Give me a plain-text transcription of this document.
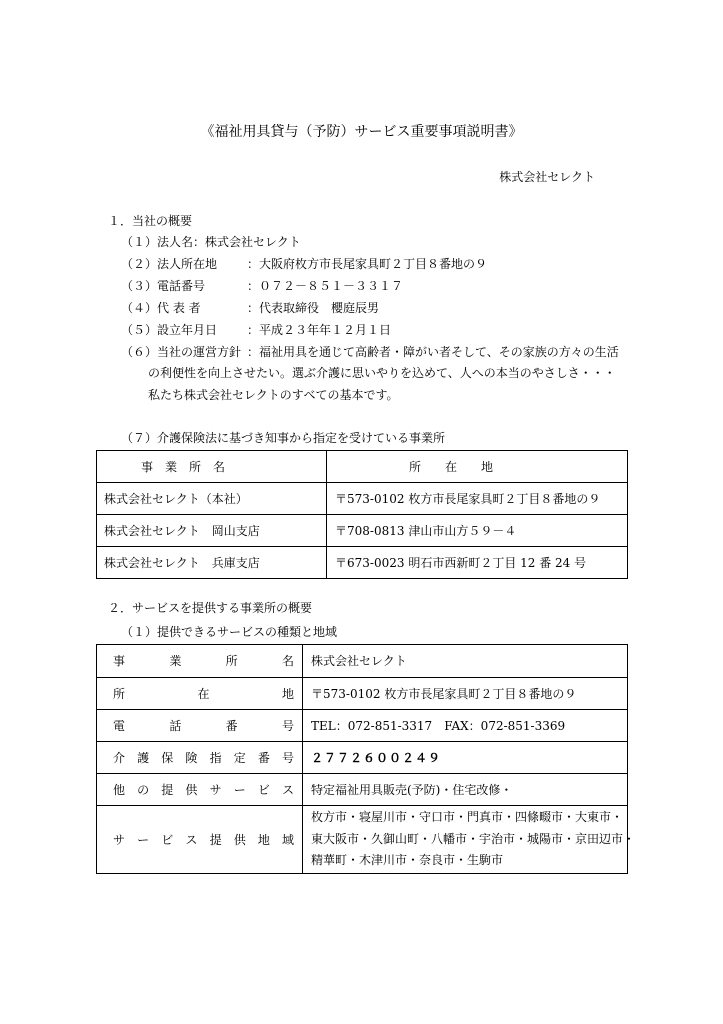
《福祉用具貸与（予防）サービス重要事項説明書》
株式会社セレクト
１．当社の概要
（１）法人名：株式会社セレクト
（２）法人所在地	：大阪府枚方市長尾家具町２丁目８番地の９
（３）電話番号	：０７２－８５１－３３１７
（４）代 表 者	：代表取締役　櫻庭辰男
（５）設立年月日	：平成２３年年１２月１日
（６）当社の運営方針 ：福祉用具を通じて高齢者・障がい者そして、その家族の方々の生活
の利便性を向上させたい。選ぶ介護に思いやりを込めて、人への本当のやさしさ・・・
私たち株式会社セレクトのすべての基本です。
（７）介護保険法に基づき知事から指定を受けている事業所
事　業　所　名	所　　在　　地
株式会社セレクト（本社）	〒573-0102 枚方市長尾家具町２丁目８番地の９
株式会社セレクト　岡山支店	〒708-0813 津山市山方５９－４
株式会社セレクト　兵庫支店	〒673-0023 明石市西新町２丁目 12 番 24 号
２．サービスを提供する事業所の概要
（１）提供できるサービスの種類と地域
事業所名	株式会社セレクト
所在地	〒573-0102 枚方市長尾家具町２丁目８番地の９
電話番号	TEL：072-851-3317　FAX：072-851-3369
介護保険指定番号	２７７２６００２４９
他の提供サービス	特定福祉用具販売(予防)・住宅改修・
サービス提供地域	枚方市・寝屋川市・守口市・門真市・四條畷市・大東市・
東大阪市・久御山町・八幡市・宇治市・城陽市・京田辺市・
精華町・木津川市・奈良市・生駒市
